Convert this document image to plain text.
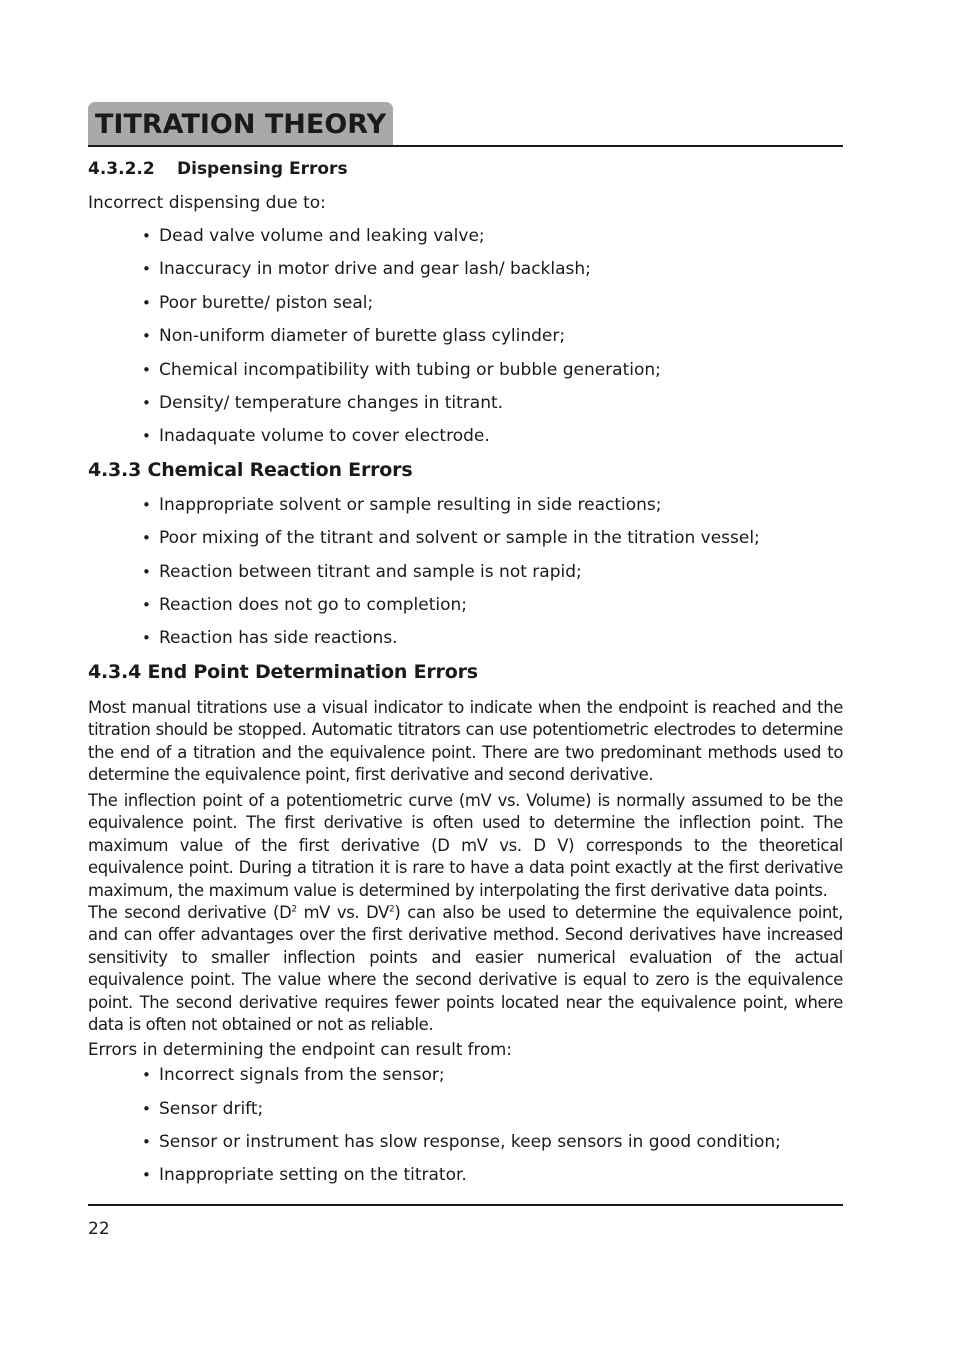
TITRATION THEORY
4.3.2.2 Dispensing Errors
Incorrect dispensing due to:
• Dead valve volume and leaking valve;
• Inaccuracy in motor drive and gear lash/ backlash;
• Poor burette/ piston seal;
• Non-uniform diameter of burette glass cylinder;
• Chemical incompatibility with tubing or bubble generation;
• Density/ temperature changes in titrant.
• Inadaquate volume to cover electrode.
4.3.3 Chemical Reaction Errors
• Inappropriate solvent or sample resulting in side reactions;
• Poor mixing of the titrant and solvent or sample in the titration vessel;
• Reaction between titrant and sample is not rapid;
• Reaction does not go to completion;
• Reaction has side reactions.
4.3.4 End Point Determination Errors

Most manual titrations use a visual indicator to indicate when the endpoint is reached and the titration should be stopped. Automatic titrators can use potentiometric electrodes to determine the end of a titration and the equivalence point. There are two predominant methods used to determine the equivalence point, first derivative and second derivative.

The inflection point of a potentiometric curve (mV vs. Volume) is normally assumed to be the equivalence point. The first derivative is often used to determine the inflection point. The maximum value of the first derivative (D mV vs. D V) corresponds to the theoretical equivalence point. During a titration it is rare to have a data point exactly at the first derivative maximum, the maximum value is determined by interpolating the first derivative data points.

The second derivative ($D^2$ mV vs. $DV^2$) can also be used to determine the equivalence point, and can offer advantages over the first derivative method. Second derivatives have increased sensitivity to smaller inflection points and easier numerical evaluation of the actual equivalence point. The value where the second derivative is equal to zero is the equivalence point. The second derivative requires fewer points located near the equivalence point, where data is often not obtained or not as reliable.

Errors in determining the endpoint can result from:
• Incorrect signals from the sensor;
• Sensor drift;
• Sensor or instrument has slow response, keep sensors in good condition;
• Inappropriate setting on the titrator.
22
